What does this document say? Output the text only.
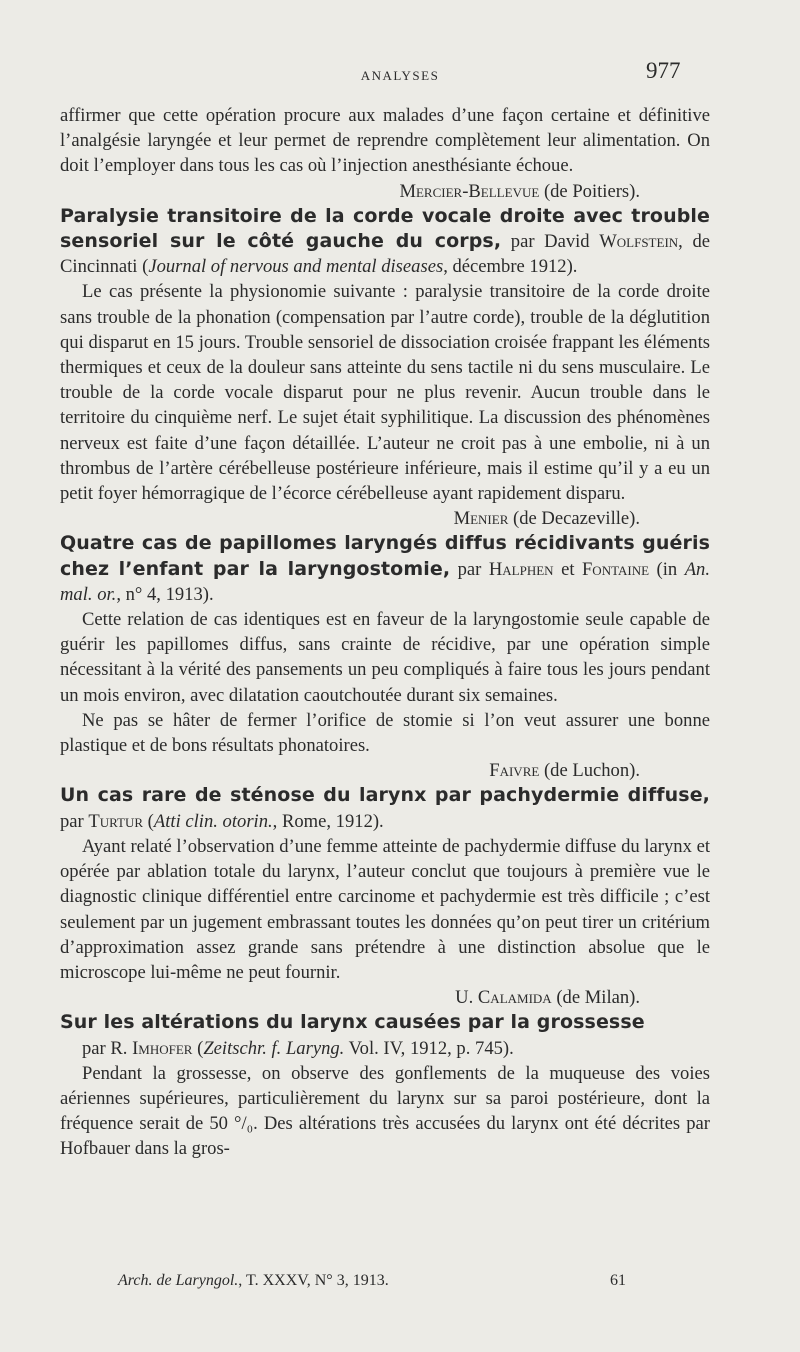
ANALYSES	977

affirmer que cette opération procure aux malades d’une façon certaine et définitive l’analgésie laryngée et leur permet de reprendre complètement leur alimentation. On doit l’employer dans tous les cas où l’injection anesthésiante échoue.

Mercier-Bellevue (de Poitiers).

Paralysie transitoire de la corde vocale droite avec trouble sensoriel sur le côté gauche du corps, par David Wolfstein, de Cincinnati (Journal of nervous and mental diseases, décembre 1912).

Le cas présente la physionomie suivante : paralysie transitoire de la corde droite sans trouble de la phonation (compensation par l’autre corde), trouble de la déglutition qui disparut en 15 jours. Trouble sensoriel de dissociation croisée frappant les éléments thermiques et ceux de la douleur sans atteinte du sens tactile ni du sens musculaire. Le trouble de la corde vocale disparut pour ne plus revenir. Aucun trouble dans le territoire du cinquième nerf. Le sujet était syphilitique. La discussion des phénomènes nerveux est faite d’une façon détaillée. L’auteur ne croit pas à une embolie, ni à un thrombus de l’artère cérébelleuse postérieure inférieure, mais il estime qu’il y a eu un petit foyer hémorragique de l’écorce cérébelleuse ayant rapidement disparu.

Menier (de Decazeville).

Quatre cas de papillomes laryngés diffus récidivants guéris chez l’enfant par la laryngostomie, par Halphen et Fontaine (in An. mal. or., n° 4, 1913).

Cette relation de cas identiques est en faveur de la laryngostomie seule capable de guérir les papillomes diffus, sans crainte de récidive, par une opération simple nécessitant à la vérité des pansements un peu compliqués à faire tous les jours pendant un mois environ, avec dilatation caoutchoutée durant six semaines.

Ne pas se hâter de fermer l’orifice de stomie si l’on veut assurer une bonne plastique et de bons résultats phonatoires.

Faivre (de Luchon).

Un cas rare de sténose du larynx par pachydermie diffuse, par Turtur (Atti clin. otorin., Rome, 1912).

Ayant relaté l’observation d’une femme atteinte de pachydermie diffuse du larynx et opérée par ablation totale du larynx, l’auteur conclut que toujours à première vue le diagnostic clinique différentiel entre carcinome et pachydermie est très difficile ; c’est seulement par un jugement embrassant toutes les données qu’on peut tirer un critérium d’approximation assez grande sans prétendre à une distinction absolue que le microscope lui-même ne peut fournir.

U. Calamida (de Milan).

Sur les altérations du larynx causées par la grossesse

par R. Imhofer (Zeitschr. f. Laryng. Vol. IV, 1912, p. 745).

Pendant la grossesse, on observe des gonflements de la muqueuse des voies aériennes supérieures, particulièrement du larynx sur sa paroi postérieure, dont la fréquence serait de 50 °/₀. Des altérations très accusées du larynx ont été décrites par Hofbauer dans la gros-

Arch. de Laryngol., T. XXXV, N° 3, 1913.	61
